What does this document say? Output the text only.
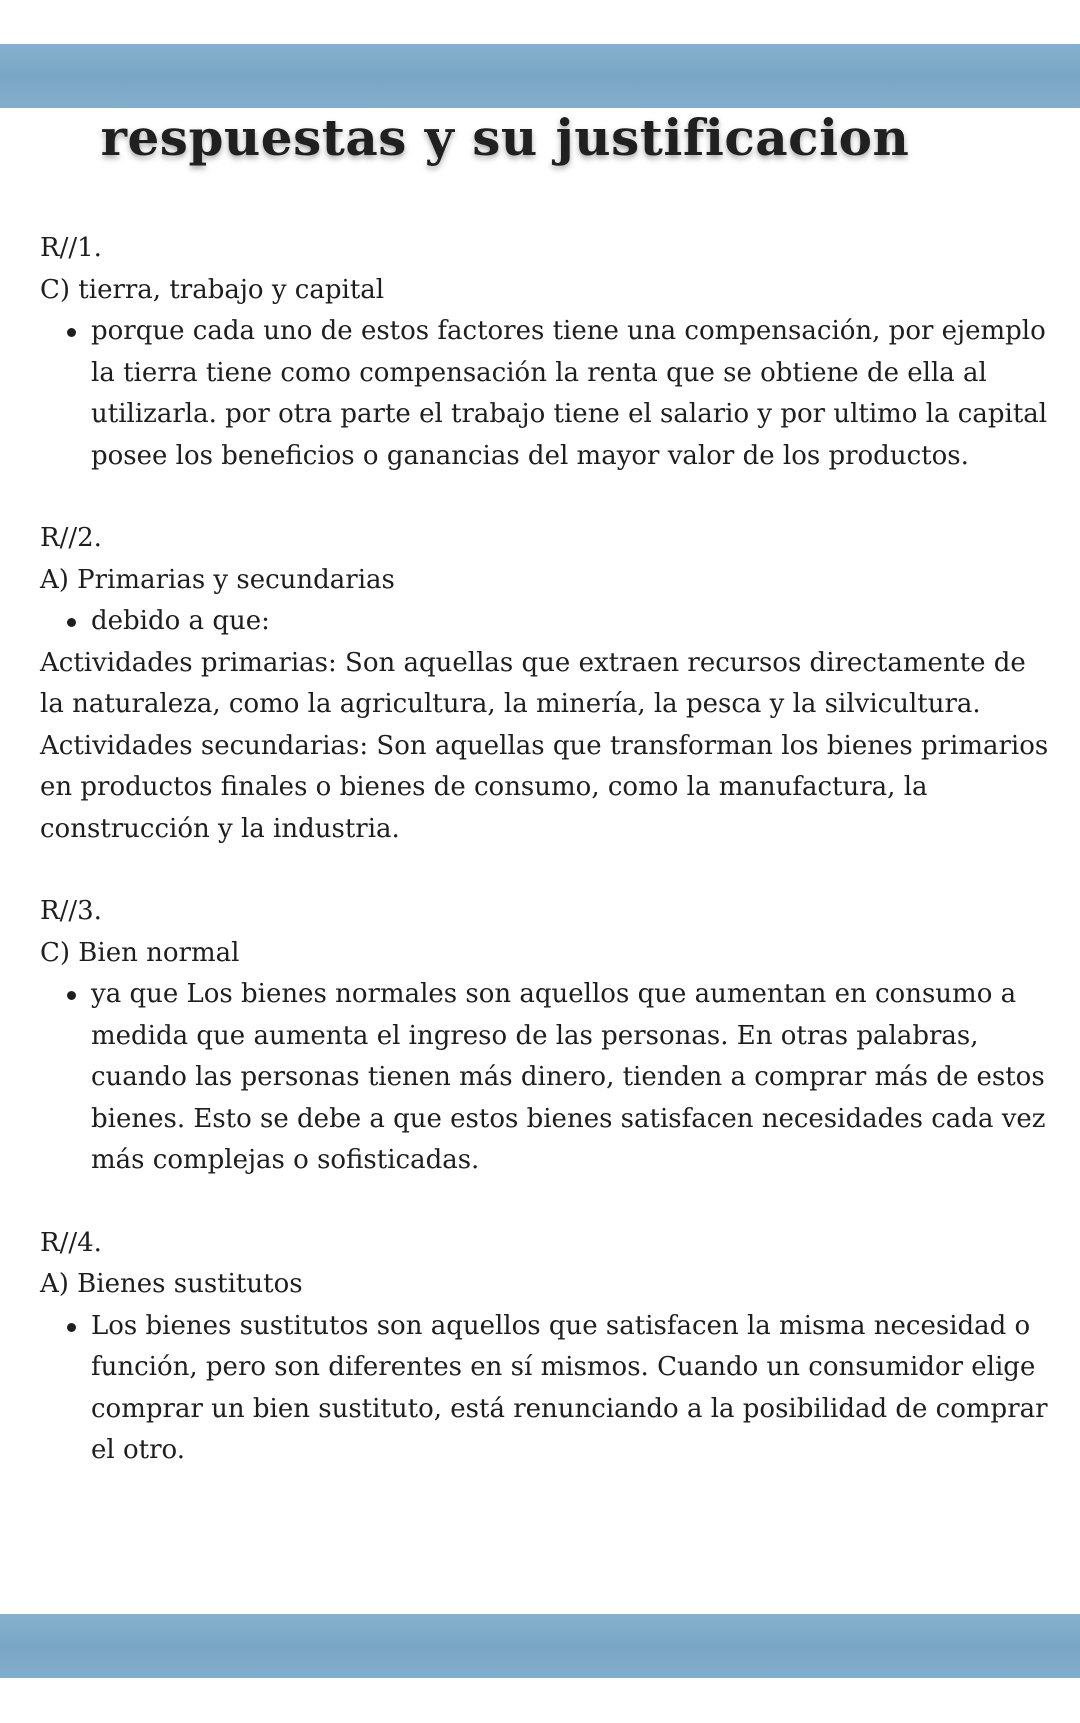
respuestas y su justificacion

R//1.

C) tierra, trabajo y capital

porque cada uno de estos factores tiene una compensación, por ejemplo la tierra tiene como compensación la renta que se obtiene de ella al utilizarla. por otra parte el trabajo tiene el salario y por ultimo la capital posee los beneficios o ganancias del mayor valor de los productos.

R//2.

A) Primarias y secundarias

debido a que:

Actividades primarias: Son aquellas que extraen recursos directamente de la naturaleza, como la agricultura, la minería, la pesca y la silvicultura.

Actividades secundarias: Son aquellas que transforman los bienes primarios en productos finales o bienes de consumo, como la manufactura, la construcción y la industria.

R//3.

C) Bien normal

ya que Los bienes normales son aquellos que aumentan en consumo a medida que aumenta el ingreso de las personas. En otras palabras, cuando las personas tienen más dinero, tienden a comprar más de estos bienes. Esto se debe a que estos bienes satisfacen necesidades cada vez más complejas o sofisticadas.

R//4.

A) Bienes sustitutos

Los bienes sustitutos son aquellos que satisfacen la misma necesidad o función, pero son diferentes en sí mismos. Cuando un consumidor elige comprar un bien sustituto, está renunciando a la posibilidad de comprar el otro.
